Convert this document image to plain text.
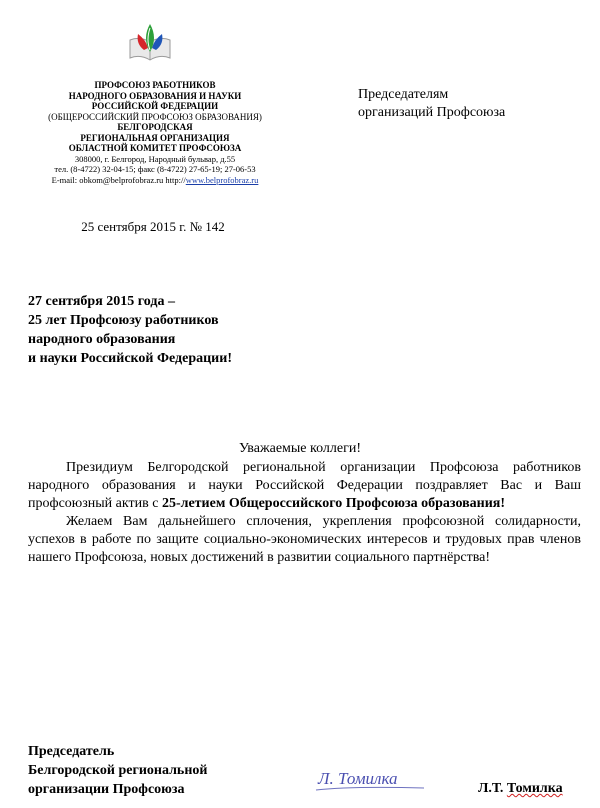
ПРОФСОЮЗ РАБОТНИКОВ
НАРОДНОГО ОБРАЗОВАНИЯ И НАУКИ
РОССИЙСКОЙ ФЕДЕРАЦИИ
(ОБЩЕРОССИЙСКИЙ ПРОФСОЮЗ ОБРАЗОВАНИЯ)
БЕЛГОРОДСКАЯ
РЕГИОНАЛЬНАЯ ОРГАНИЗАЦИЯ
ОБЛАСТНОЙ КОМИТЕТ ПРОФСОЮЗА
308000, г. Белгород, Народный бульвар, д.55
тел. (8-4722) 32-04-15; факс (8-4722) 27-65-19; 27-06-53
E-mail: obkom@belprofobraz.ru http://www.belprofobraz.ru
25 сентября 2015 г. № 142
Председателям
организаций Профсоюза
27 сентября 2015 года –
25 лет Профсоюзу работников
народного образования
и науки Российской Федерации!
Уважаемые коллеги!

Президиум Белгородской региональной организации Профсоюза работников народного образования и науки Российской Федерации поздравляет Вас и Ваш профсоюзный актив с 25-летием Общероссийского Профсоюза образования!

Желаем Вам дальнейшего сплочения, укрепления профсоюзной солидарности, успехов в работе по защите социально-экономических интересов и трудовых прав членов нашего Профсоюза, новых достижений в развитии социального партнёрства!

Председатель
Белгородской региональной
организации Профсоюза
Л. Томилка
Л.Т. Томилка
